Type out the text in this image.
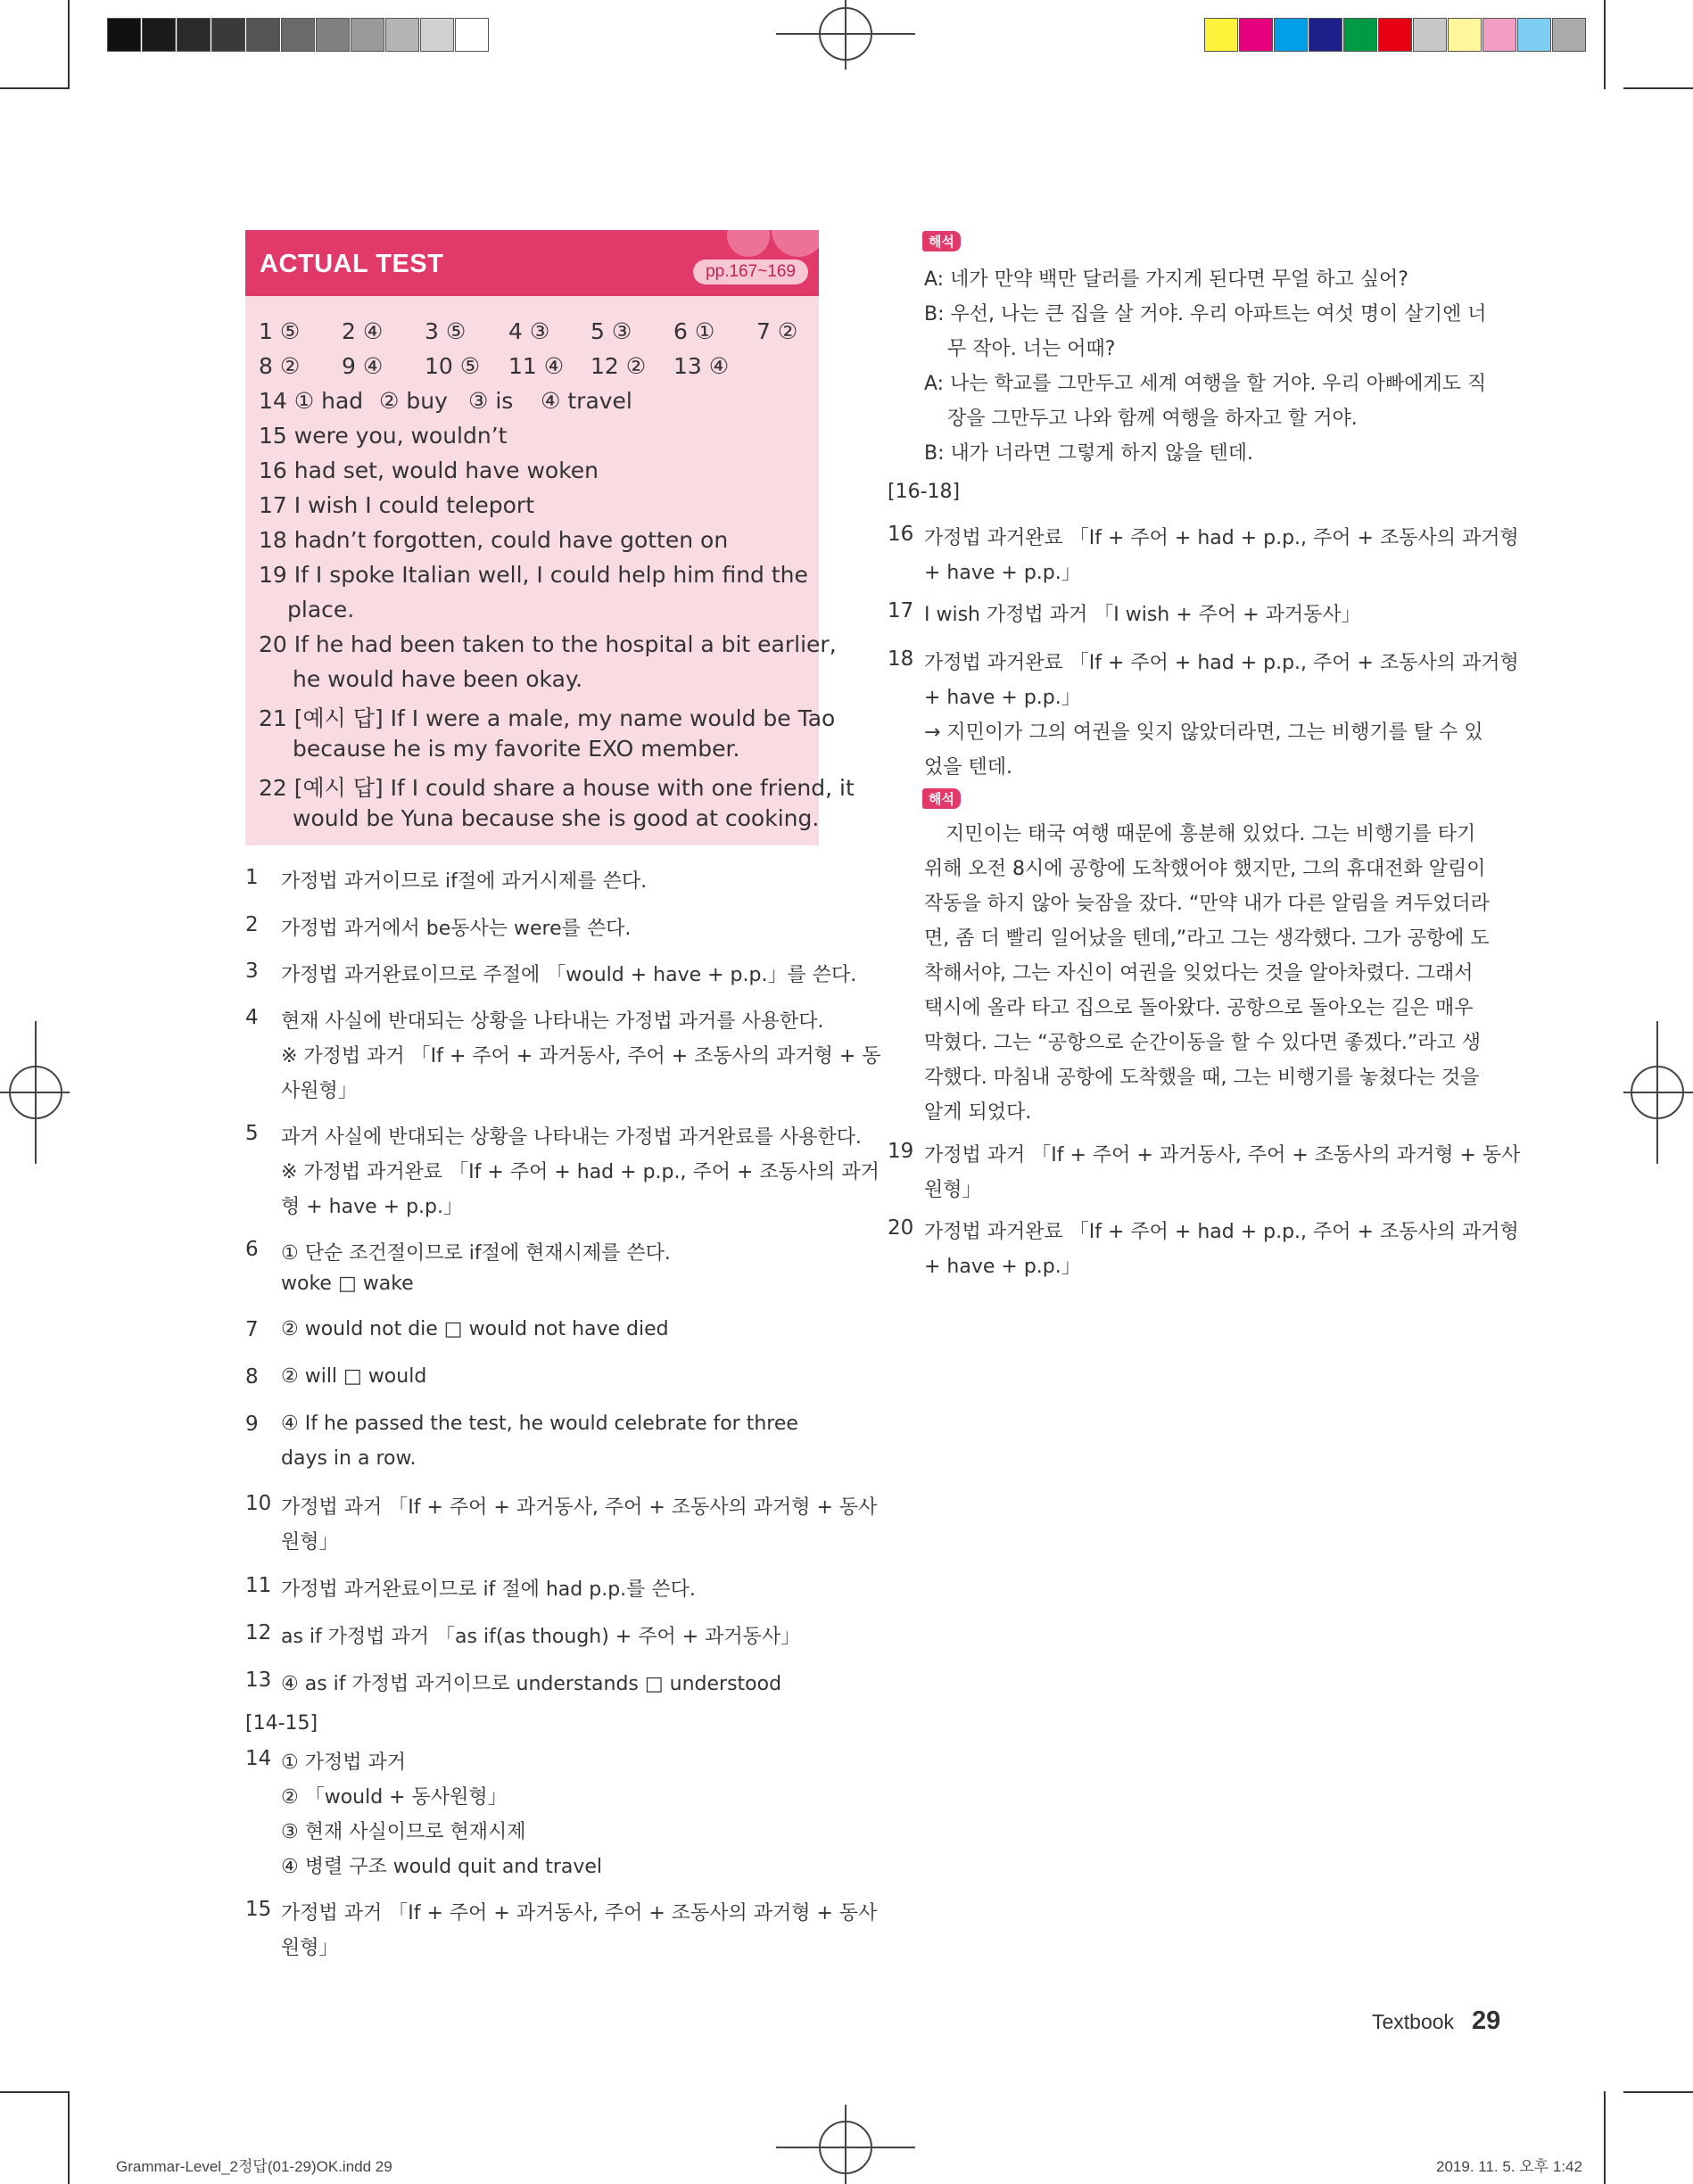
ACTUAL TEST	pp.167~169
1 ⑤ 2 ④ 3 ⑤ 4 ③ 5 ③ 6 ① 7 ②
8 ② 9 ④ 10 ⑤ 11 ④ 12 ② 13 ④
14 ① had ② buy ③ is ④ travel
15 were you, wouldn’t
16 had set, would have woken
17 I wish I could teleport
18 hadn’t forgotten, could have gotten on
19 If I spoke Italian well, I could help him find the
place.
20 If he had been taken to the hospital a bit earlier,
he would have been okay.
21 [예시 답] If I were a male, my name would be Tao
because he is my favorite EXO member.
22 [예시 답] If I could share a house with one friend, it
would be Yuna because she is good at cooking.
1 가정법 과거이므로 if절에 과거시제를 쓴다.
2 가정법 과거에서 be동사는 were를 쓴다.
3 가정법 과거완료이므로 주절에 「would + have + p.p.」를 쓴다.
4 현재 사실에 반대되는 상황을 나타내는 가정법 과거를 사용한다.
※ 가정법 과거 「If + 주어 + 과거동사, 주어 + 조동사의 과거형 + 동
사원형」
5 과거 사실에 반대되는 상황을 나타내는 가정법 과거완료를 사용한다.
※ 가정법 과거완료 「If + 주어 + had + p.p., 주어 + 조동사의 과거
형 + have + p.p.」
6 ① 단순 조건절이므로 if절에 현재시제를 쓴다.
woke □ wake
7 ② would not die □ would not have died
8 ② will □ would
9 ④ If he passed the test, he would celebrate for three
days in a row.
10 가정법 과거 「If + 주어 + 과거동사, 주어 + 조동사의 과거형 + 동사
원형」
11 가정법 과거완료이므로 if 절에 had p.p.를 쓴다.
12 as if 가정법 과거 「as if(as though) + 주어 + 과거동사」
13 ④ as if 가정법 과거이므로 understands □ understood
[14-15]
14 ① 가정법 과거
② 「would + 동사원형」
③ 현재 사실이므로 현재시제
④ 병렬 구조 would quit and travel
15 가정법 과거 「If + 주어 + 과거동사, 주어 + 조동사의 과거형 + 동사
원형」
해석
A: 네가 만약 백만 달러를 가지게 된다면 무얼 하고 싶어?
B: 우선, 나는 큰 집을 살 거야. 우리 아파트는 여섯 명이 살기엔 너
무 작아. 너는 어때?
A: 나는 학교를 그만두고 세계 여행을 할 거야. 우리 아빠에게도 직
장을 그만두고 나와 함께 여행을 하자고 할 거야.
B: 내가 너라면 그렇게 하지 않을 텐데.
[16-18]
16 가정법 과거완료 「If + 주어 + had + p.p., 주어 + 조동사의 과거형
+ have + p.p.」
17 I wish 가정법 과거 「I wish + 주어 + 과거동사」
18 가정법 과거완료 「If + 주어 + had + p.p., 주어 + 조동사의 과거형
+ have + p.p.」
→ 지민이가 그의 여권을 잊지 않았더라면, 그는 비행기를 탈 수 있
었을 텐데.
해석
지민이는 태국 여행 때문에 흥분해 있었다. 그는 비행기를 타기
위해 오전 8시에 공항에 도착했어야 했지만, 그의 휴대전화 알림이
작동을 하지 않아 늦잠을 잤다. “만약 내가 다른 알림을 켜두었더라
면, 좀 더 빨리 일어났을 텐데,”라고 그는 생각했다. 그가 공항에 도
착해서야, 그는 자신이 여권을 잊었다는 것을 알아차렸다. 그래서
택시에 올라 타고 집으로 돌아왔다. 공항으로 돌아오는 길은 매우
막혔다. 그는 “공항으로 순간이동을 할 수 있다면 좋겠다.”라고 생
각했다. 마침내 공항에 도착했을 때, 그는 비행기를 놓쳤다는 것을
알게 되었다.
19 가정법 과거 「If + 주어 + 과거동사, 주어 + 조동사의 과거형 + 동사
원형」
20 가정법 과거완료 「If + 주어 + had + p.p., 주어 + 조동사의 과거형
+ have + p.p.」
Textbook 29
Grammar-Level_2정답(01-29)OK.indd 29	2019. 11. 5. 오후 1:42
